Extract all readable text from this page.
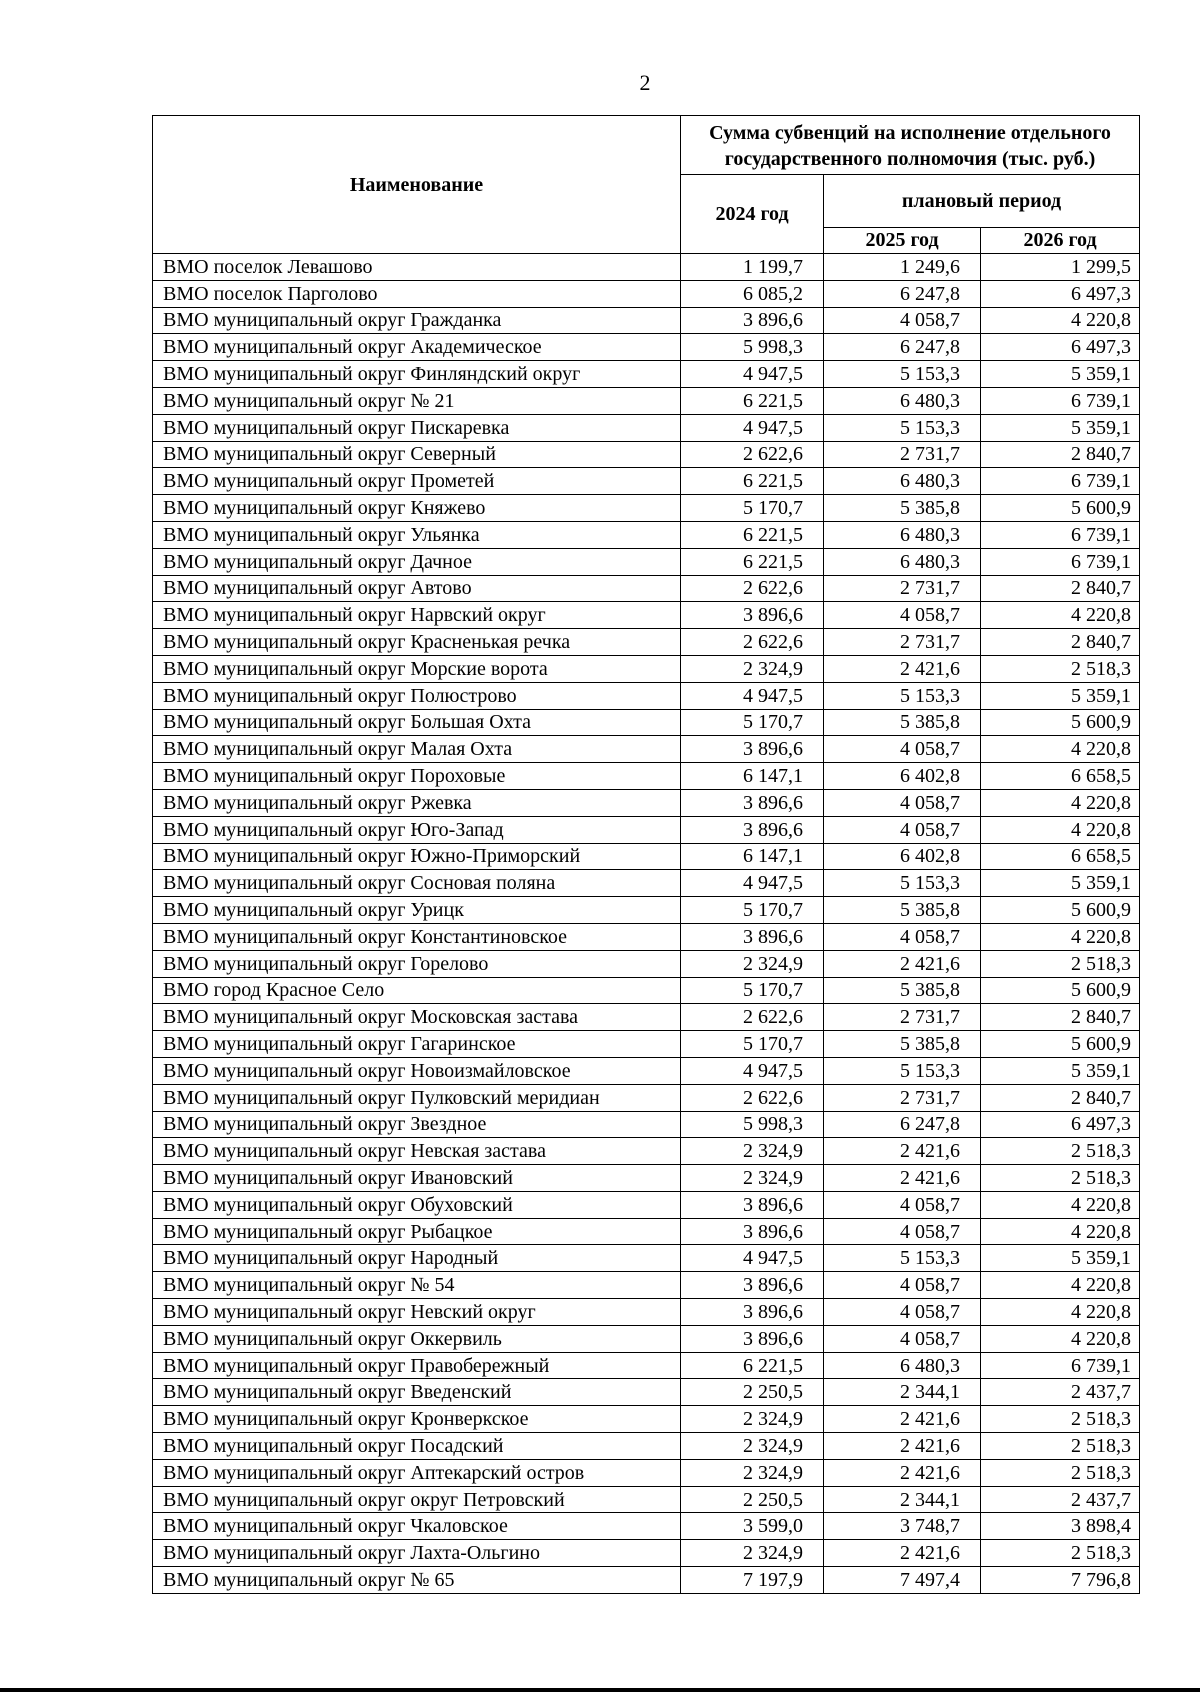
2
Наименование	Сумма субвенций на исполнение отдельного государственного полномочия (тыс. руб.)		
	2024 год	плановый период	
		2025 год	2026 год
ВМО поселок Левашово	1 199,7	1 249,6	1 299,5
ВМО поселок Парголово	6 085,2	6 247,8	6 497,3
ВМО муниципальный округ Гражданка	3 896,6	4 058,7	4 220,8
ВМО муниципальный округ Академическое	5 998,3	6 247,8	6 497,3
ВМО муниципальный округ Финляндский округ	4 947,5	5 153,3	5 359,1
ВМО муниципальный округ № 21	6 221,5	6 480,3	6 739,1
ВМО муниципальный округ Пискаревка	4 947,5	5 153,3	5 359,1
ВМО муниципальный округ Северный	2 622,6	2 731,7	2 840,7
ВМО муниципальный округ Прометей	6 221,5	6 480,3	6 739,1
ВМО муниципальный округ Княжево	5 170,7	5 385,8	5 600,9
ВМО муниципальный округ Ульянка	6 221,5	6 480,3	6 739,1
ВМО муниципальный округ Дачное	6 221,5	6 480,3	6 739,1
ВМО муниципальный округ Автово	2 622,6	2 731,7	2 840,7
ВМО муниципальный округ Нарвский округ	3 896,6	4 058,7	4 220,8
ВМО муниципальный округ Красненькая речка	2 622,6	2 731,7	2 840,7
ВМО муниципальный округ Морские ворота	2 324,9	2 421,6	2 518,3
ВМО муниципальный округ Полюстрово	4 947,5	5 153,3	5 359,1
ВМО муниципальный округ Большая Охта	5 170,7	5 385,8	5 600,9
ВМО муниципальный округ Малая Охта	3 896,6	4 058,7	4 220,8
ВМО муниципальный округ Пороховые	6 147,1	6 402,8	6 658,5
ВМО муниципальный округ Ржевка	3 896,6	4 058,7	4 220,8
ВМО муниципальный округ Юго-Запад	3 896,6	4 058,7	4 220,8
ВМО муниципальный округ Южно-Приморский	6 147,1	6 402,8	6 658,5
ВМО муниципальный округ Сосновая поляна	4 947,5	5 153,3	5 359,1
ВМО муниципальный округ Урицк	5 170,7	5 385,8	5 600,9
ВМО муниципальный округ Константиновское	3 896,6	4 058,7	4 220,8
ВМО муниципальный округ Горелово	2 324,9	2 421,6	2 518,3
ВМО город Красное Село	5 170,7	5 385,8	5 600,9
ВМО муниципальный округ Московская застава	2 622,6	2 731,7	2 840,7
ВМО муниципальный округ Гагаринское	5 170,7	5 385,8	5 600,9
ВМО муниципальный округ Новоизмайловское	4 947,5	5 153,3	5 359,1
ВМО муниципальный округ Пулковский меридиан	2 622,6	2 731,7	2 840,7
ВМО муниципальный округ Звездное	5 998,3	6 247,8	6 497,3
ВМО муниципальный округ Невская застава	2 324,9	2 421,6	2 518,3
ВМО муниципальный округ Ивановский	2 324,9	2 421,6	2 518,3
ВМО муниципальный округ Обуховский	3 896,6	4 058,7	4 220,8
ВМО муниципальный округ Рыбацкое	3 896,6	4 058,7	4 220,8
ВМО муниципальный округ Народный	4 947,5	5 153,3	5 359,1
ВМО муниципальный округ № 54	3 896,6	4 058,7	4 220,8
ВМО муниципальный округ Невский округ	3 896,6	4 058,7	4 220,8
ВМО муниципальный округ Оккервиль	3 896,6	4 058,7	4 220,8
ВМО муниципальный округ Правобережный	6 221,5	6 480,3	6 739,1
ВМО муниципальный округ Введенский	2 250,5	2 344,1	2 437,7
ВМО муниципальный округ Кронверкское	2 324,9	2 421,6	2 518,3
ВМО муниципальный округ Посадский	2 324,9	2 421,6	2 518,3
ВМО муниципальный округ Аптекарский остров	2 324,9	2 421,6	2 518,3
ВМО муниципальный округ округ Петровский	2 250,5	2 344,1	2 437,7
ВМО муниципальный округ Чкаловское	3 599,0	3 748,7	3 898,4
ВМО муниципальный округ Лахта-Ольгино	2 324,9	2 421,6	2 518,3
ВМО муниципальный округ № 65	7 197,9	7 497,4	7 796,8
